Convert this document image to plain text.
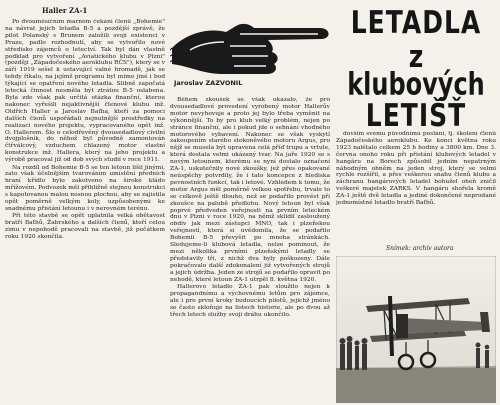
Haller ZA-1

Po dvouměsíčním marném čekání členů „Bohemie" na návrat jejich letadla B-5 a pozdější zprávě, že pilot Polanský s Brunem založili svoji existenci v Praze, padlo rozhodnutí, aby se vytvořilo nové středisko zájemců o letectví. Tak byl dán vlastně podklad pro vytvoření „Aviatického klubu v Plzni" (později „Západočeského aeroklubu RČS"), který se v září 1919 sešel k ustavující valné hromadě, jak se tehdy říkalo, na jejímž programu byl mimo jiné i bod týkající se opatření nového letadla. Slibně započatá letecká činnost nesměla být ztrátou B-5 oslabena. Byla zde však pak určitá otázka finanční, kterou nakonec vyřešili nejaktivnější členové klubu inž. Oldřich Haller a Jaroslav Baťha, kteří za pomoci dalších členů uspořádali nejnutnější prostředky na realizaci nového projektu, vypracovaného opět inž. O. Hallerem. Šlo o celodřevěný dvousedadlový civilní dvojplošník, do něhož byl původně zamontován čtřválcový, vzduchem chlazený motor vlastní konstrukce inž. Hallera, který na jeho projektu a výrobě pracoval již od dob svých studií v roce 1911.

Na rozdíl od Bohemie B-5 se ten letoun lišil jinými, zato však účelnějším tvarováním umístění předních hraní křídlo bylo zakotveno na široké kládo mřížovém. Podvozek měl přibližně stejnou konstrukci s kapotovanou malou nosnou plochou, aby se zajistila opět poměrně velkým koly, uzpůsobenými ke snadnému přistání letounu i v nerovném terénu.

Při této stavbě se opět uplatnila velká obětavost bratří Baťhů, Žabrského a dalších členů, kteří celou zimu v nepohodě pracovali na stavbě, již počátkem roku 1920 skončila.

Jaroslav ZAZVONIL

Během zkoušek se však ukázalo, že pro dvousedadlové provedení vyrobený motor Hallerův motor nevyhovuje a proto jej bylo třeba vyměnit na výkonnější. To by pro klub velký problém, nejen po stránce finanční, ale i pokud jde o sehnání vhodného motorového vybavení. Nakonec se však vyskytl zakoupením starého stokoněvého motoru Argus, pro nějž se musela být upravena celá příď trupu a vrtule, která dostala velmi ukázaný tvar. Na jaře 1920 se s novým letounem, kterému se nyní dostalo označení ZA-1, uskutečnily nové zkoušky, jež přes opakované neúspěchy potvrdily, že i tato koncepce z hlediska pevnostních funkcí, tak i letové. Vzhledem k tomu, že motor Argus měl poměrně velkou spotřebu, trvalo to se celkově ještě dlouho, než se podařilo provést při zkoušce na palubě předlohu. Nový letoun byl však poprvé předveden veřejnosti na prvním leteckém dnu v Plzni v roce 1920, na němž sklidil zasloužený obdiv jak mezi zástupci MNO, tak i plzeňskou veřejností, která si uvědomila, že se podařilo Bohemii B-5 převýšit po mnoha stránkách. Sledujeme-li klubová letadla, nelze pominout, že mezi několika prvními plzeňskými letadly se představily tři, z nichž dva byly poškozeny. Dále pokračovalo další zdokonalení již vytvořených strojů a jejich údržba. Jeden ze strojů se podařilo opravit po nehodě, které letoun ZA-1 utrpěl 8. května 1920.

Hallerovo letadlo ZA-1 pak sloužilo nejen k propagandnímu a výchovnému letům pro zájemce, ale i pro první kroky budoucích pilotů, jejichž jméno se často skloňuje na listech historie, ale po dvou až třech letech služby svoji dráhu ukončilo.

LETADLA
z
klubových
LETIŠŤ

dovšim svému původnímu poslání, tj. školení členů Západočeského aeroklubu. Ke konci května roku 1923 nalétalo celkem 25 h hodiny a 3800 km. Dne 3. června onoho roku při přistání klubových letadel v hangáru na Borech způsobil jedním nepatrným náhodným ohněm na jeden stroj, který se velmi rychle rozšířil, a přes veškerou snahu členů klubu a záchranu hangárových letadel bohužel oheň zničil veškeré majetek ZARKS. V hangáru shořela kromě ZA-1 ještě dvě letadla a jediné dokončené neprodané jednomístné letadlo bratří Baťhů.

Snímek: archív autora
